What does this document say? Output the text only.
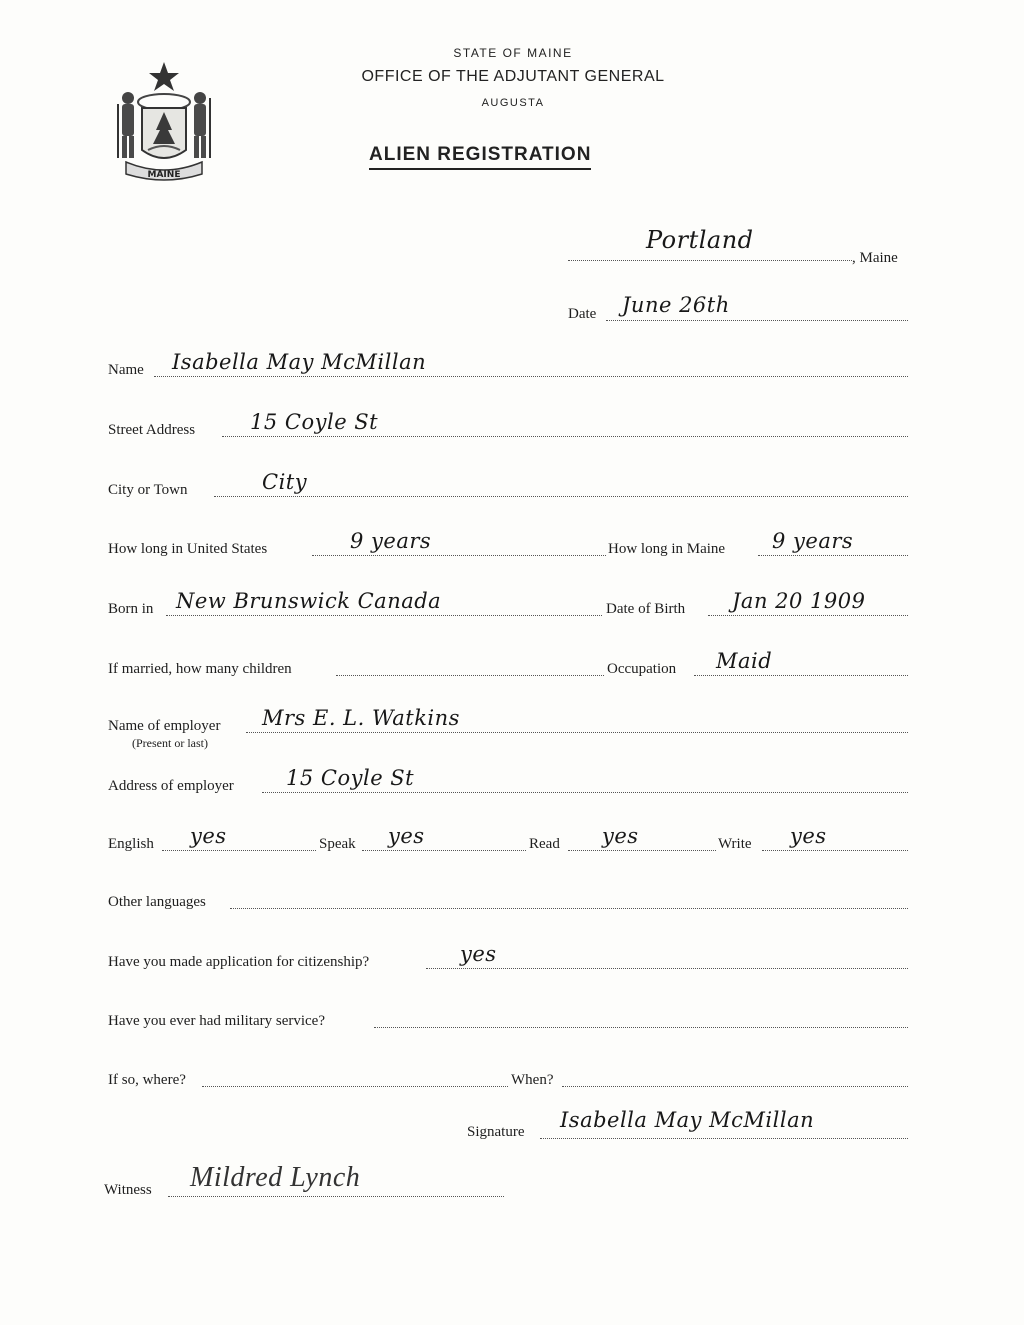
MAINE
STATE OF MAINE
OFFICE OF THE ADJUTANT GENERAL
AUGUSTA
ALIEN REGISTRATION
Portland
, Maine
Date June 26th
Name Isabella May McMillan
Street Address	15 Coyle St
City or Town	City
How long in United States	9 years	How long in Maine 9 years
Born in New Brunswick Canada	Date of Birth Jan 20 1909
If married, how many children	Occupation Maid
Name of employer
(Present or last)
Mrs E. L. Watkins
Address of employer 15 Coyle St
English yes	Speak yes	Read yes	Write yes
Other languages
Have you made application for citizenship?	yes
Have you ever had military service?
If so, where?	When?
Signature Isabella May McMillan
Witness Mildred Lynch
